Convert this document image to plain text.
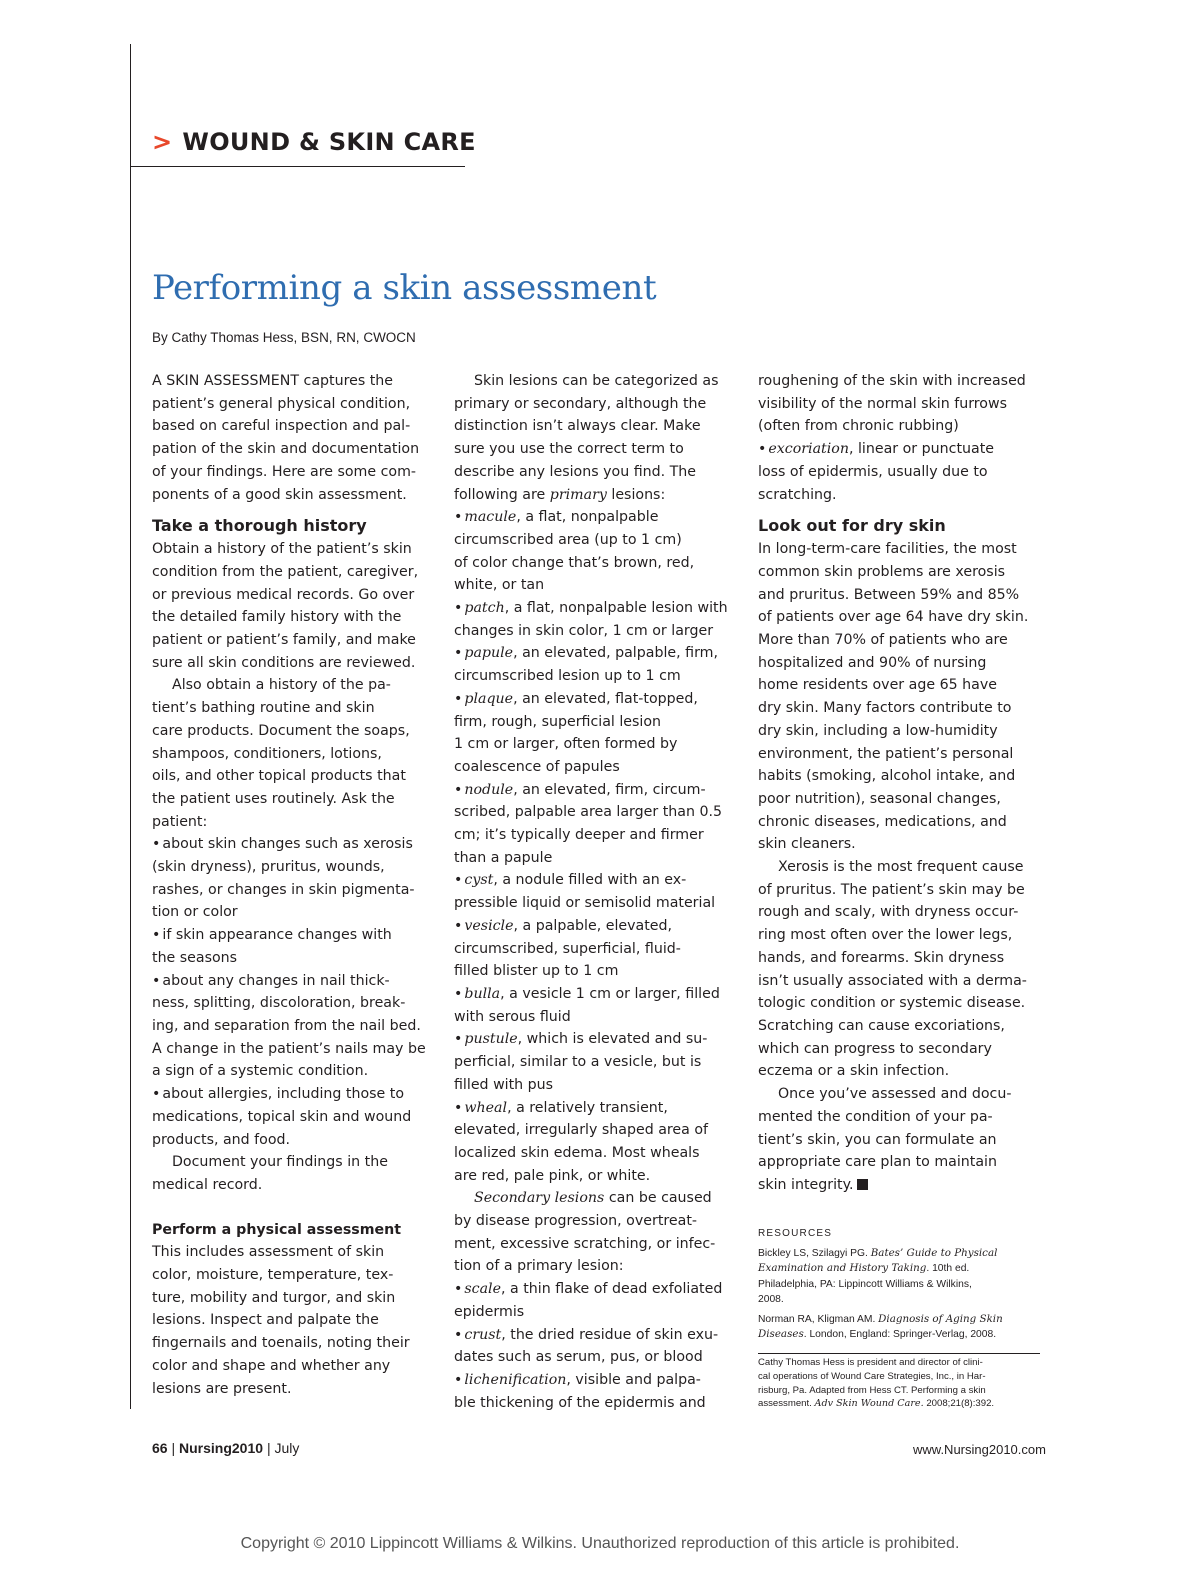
> WOUND & SKIN CARE
Performing a skin assessment
By Cathy Thomas Hess, BSN, RN, CWOCN
A SKIN ASSESSMENT captures the
patient’s general physical condition,
based on careful inspection and pal-
pation of the skin and documentation
of your findings. Here are some com-
ponents of a good skin assessment.
Take a thorough history
Obtain a history of the patient’s skin
condition from the patient, caregiver,
or previous medical records. Go over
the detailed family history with the
patient or patient’s family, and make
sure all skin conditions are reviewed.
Also obtain a history of the pa-
tient’s bathing routine and skin
care products. Document the soaps,
shampoos, conditioners, lotions,
oils, and other topical products that
the patient uses routinely. Ask the
patient:
• about skin changes such as xerosis
(skin dryness), pruritus, wounds,
rashes, or changes in skin pigmenta-
tion or color
• if skin appearance changes with
the seasons
• about any changes in nail thick-
ness, splitting, discoloration, break-
ing, and separation from the nail bed.
A change in the patient’s nails may be
a sign of a systemic condition.
• about allergies, including those to
medications, topical skin and wound
products, and food.
Document your findings in the
medical record.
Perform a physical assessment
This includes assessment of skin
color, moisture, temperature, tex-
ture, mobility and turgor, and skin
lesions. Inspect and palpate the
fingernails and toenails, noting their
color and shape and whether any
lesions are present.
Skin lesions can be categorized as
primary or secondary, although the
distinction isn’t always clear. Make
sure you use the correct term to
describe any lesions you find. The
following are primary lesions:
• macule, a flat, nonpalpable
circumscribed area (up to 1 cm)
of color change that’s brown, red,
white, or tan
• patch, a flat, nonpalpable lesion with
changes in skin color, 1 cm or larger
• papule, an elevated, palpable, firm,
circumscribed lesion up to 1 cm
• plaque, an elevated, flat-topped,
firm, rough, superficial lesion
1 cm or larger, often formed by
coalescence of papules
• nodule, an elevated, firm, circum-
scribed, palpable area larger than 0.5
cm; it’s typically deeper and firmer
than a papule
• cyst, a nodule filled with an ex-
pressible liquid or semisolid material
• vesicle, a palpable, elevated,
circumscribed, superficial, fluid-
filled blister up to 1 cm
• bulla, a vesicle 1 cm or larger, filled
with serous fluid
• pustule, which is elevated and su-
perficial, similar to a vesicle, but is
filled with pus
• wheal, a relatively transient,
elevated, irregularly shaped area of
localized skin edema. Most wheals
are red, pale pink, or white.
Secondary lesions can be caused
by disease progression, overtreat-
ment, excessive scratching, or infec-
tion of a primary lesion:
• scale, a thin flake of dead exfoliated
epidermis
• crust, the dried residue of skin exu-
dates such as serum, pus, or blood
• lichenification, visible and palpa-
ble thickening of the epidermis and
roughening of the skin with increased
visibility of the normal skin furrows
(often from chronic rubbing)
• excoriation, linear or punctuate
loss of epidermis, usually due to
scratching.
Look out for dry skin
In long-term-care facilities, the most
common skin problems are xerosis
and pruritus. Between 59% and 85%
of patients over age 64 have dry skin.
More than 70% of patients who are
hospitalized and 90% of nursing
home residents over age 65 have
dry skin. Many factors contribute to
dry skin, including a low-humidity
environment, the patient’s personal
habits (smoking, alcohol intake, and
poor nutrition), seasonal changes,
chronic diseases, medications, and
skin cleaners.
Xerosis is the most frequent cause
of pruritus. The patient’s skin may be
rough and scaly, with dryness occur-
ring most often over the lower legs,
hands, and forearms. Skin dryness
isn’t usually associated with a derma-
tologic condition or systemic disease.
Scratching can cause excoriations,
which can progress to secondary
eczema or a skin infection.
Once you’ve assessed and docu-
mented the condition of your pa-
tient’s skin, you can formulate an
appropriate care plan to maintain
skin integrity.
RESOURCES
Bickley LS, Szilagyi PG. Bates’ Guide to Physical
Examination and History Taking. 10th ed.
Philadelphia, PA: Lippincott Williams & Wilkins,
2008.
Norman RA, Kligman AM. Diagnosis of Aging Skin
Diseases. London, England: Springer-Verlag, 2008.
Cathy Thomas Hess is president and director of clini-
cal operations of Wound Care Strategies, Inc., in Har-
risburg, Pa. Adapted from Hess CT. Performing a skin
assessment. Adv Skin Wound Care. 2008;21(8):392.
66 | Nursing2010 | July	www.Nursing2010.com
Copyright © 2010 Lippincott Williams & Wilkins. Unauthorized reproduction of this article is prohibited.
